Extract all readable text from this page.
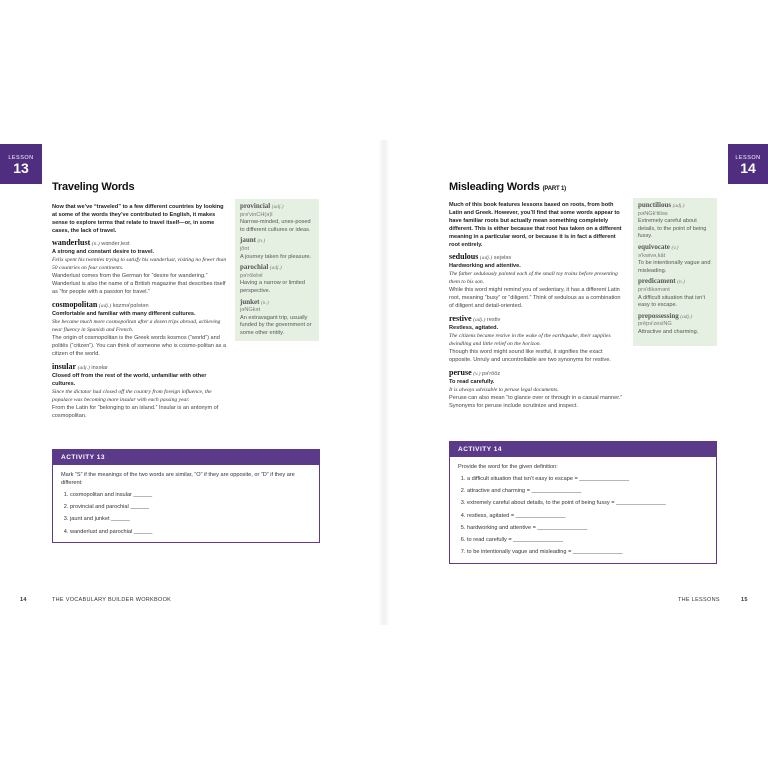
LESSON
13
Traveling Words

Now that we’ve “traveled” to a few different countries by looking at some of the words they’ve contributed to English, it makes sense to explore terms that relate to travel itself—or, in some cases, the lack of travel.

wanderlust (n.) wɑnder,lest
A strong and constant desire to travel.
Felix spent his twenties trying to satisfy his wanderlust, visiting no fewer than 50 countries on four continents.
Wanderlust comes from the German for “desire for wandering.” Wanderlust is also the name of a British magazine that describes itself as “for people with a passion for travel.”
cosmopolitan (adj.) kɑzmə'pɑlətən
Comfortable and familiar with many different cultures.
She became much more cosmopolitan after a dozen trips abroad, achieving near fluency in Spanish and French.
The origin of cosmopolitan is the Greek words kosmos (“world”) and politēs (“citizen”). You can think of someone who is cosmo-politan as a citizen of the world.
insular (adj.) insəlar
Closed off from the rest of the world, unfamiliar with other cultures.
Since the dictator had closed off the country from foreign influence, the populace was becoming more insular with each passing year.
From the Latin for “belonging to an island.” Insular is an antonym of cosmopolitan.
provincial (adj.)
prə'vinCH(ə)l
Narrow-minded, unex-posed to different cultures or ideas.
jaunt (n.)
jônt
A journey taken for pleasure.
parochial (adj.)
pə'rōkēəl
Having a narrow or limited perspective.
junket (n.)
jəNGkət
An extravagant trip, usually funded by the government or some other entity.
ACTIVITY 13
Mark “S” if the meanings of the two words are similar, “O” if they are opposite, or “D” if they are different:
1. cosmopolitan and insular ______
2. provincial and parochial ______
3. jaunt and junket ______
4. wanderlust and parochial ______
14	THE VOCABULARY BUILDER WORKBOOK
LESSON
14
Misleading Words (PART 1)

Much of this book features lessons based on roots, from both Latin and Greek. However, you’ll find that some words appear to have familiar roots but actually mean something completely different. This is either because that root has taken on a different meaning in a particular word, or because it is in fact a different root entirely.

sedulous (adj.) sejələs
Hardworking and attentive.
The father sedulously painted each of the small toy trains before presenting them to his son.
While this word might remind you of sedentary, it has a different Latin root, meaning “busy” or “diligent.” Think of sedulous as a combination of diligent and detail-oriented.
restive (adj.) restiv
Restless, agitated.
The citizens became restive in the wake of the earthquake, their supplies dwindling and little relief on the horizon.
Though this word might sound like restful, it signifies the exact opposite. Unruly and uncontrollable are two synonyms for restive.
peruse (v.) pə'rōōz
To read carefully.
It is always advisable to peruse legal documents.
Peruse can also mean “to glance over or through in a casual manner.” Synonyms for peruse include scrutinize and inspect.
punctilious (adj.)
pəNGk'tiliəs
Extremely careful about details, to the point of being fussy.
equivocate (v.)
ə'kwivə,kāt
To be intentionally vague and misleading.
predicament (n.)
prə'dikəmənt
A difficult situation that isn’t easy to escape.
prepossessing (adj.)
prēpə'zesiNG
Attractive and charming.
ACTIVITY 14
Provide the word for the given definition:
1. a difficult situation that isn’t easy to escape = ________________
2. attractive and charming = ________________
3. extremely careful about details, to the point of being fussy = ________________
4. restless, agitated = ________________
5. hardworking and attentive = ________________
6. to read carefully = ________________
7. to be intentionally vague and misleading = ________________
THE LESSONS	15
